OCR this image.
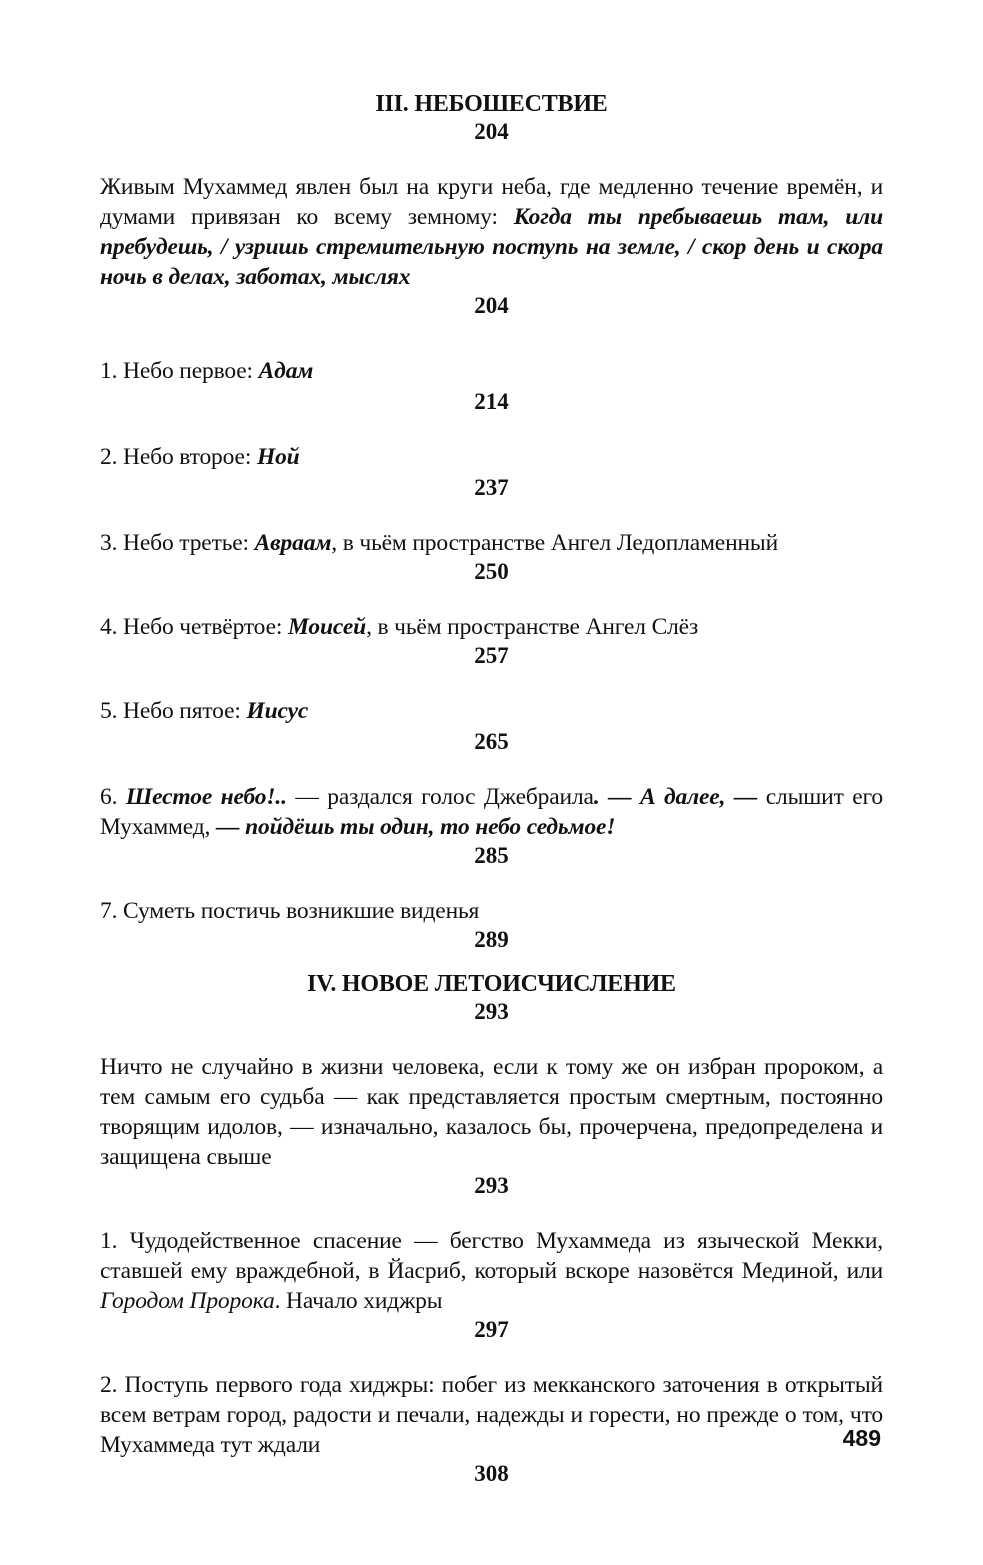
III. НЕБОШЕСТВИЕ
204
Живым Мухаммед явлен был на круги неба, где медленно течение времён, и думами привязан ко всему земному: Когда ты пребываешь там, или пребудешь, / узришь стремительную поступь на земле, / скор день и скора ночь в делах, заботах, мыслях
204
1. Небо первое: Адам
214
2. Небо второе: Ной
237
3. Небо третье: Авраам, в чьём пространстве Ангел Ледопламенный
250
4. Небо четвёртое: Моисей, в чьём пространстве Ангел Слёз
257
5. Небо пятое: Иисус
265
6. Шестое небо!.. — раздался голос Джебраила. — А далее, — слышит его Мухаммед, — пойдёшь ты один, то небо седьмое!
285
7. Суметь постичь возникшие виденья
289
IV. НОВОЕ ЛЕТОИСЧИСЛЕНИЕ
293
Ничто не случайно в жизни человека, если к тому же он избран пророком, а тем самым его судьба — как представляется простым смертным, постоянно творящим идолов, — изначально, казалось бы, прочерчена, предопределена и защищена свыше
293
1. Чудодейственное спасение — бегство Мухаммеда из языческой Мекки, ставшей ему враждебной, в Йасриб, который вскоре назовётся Мединой, или Городом Пророка. Начало хиджры
297
2. Поступь первого года хиджры: побег из мекканского заточения в открытый всем ветрам город, радости и печали, надежды и горести, но прежде о том, что Мухаммеда тут ждали
308
489
